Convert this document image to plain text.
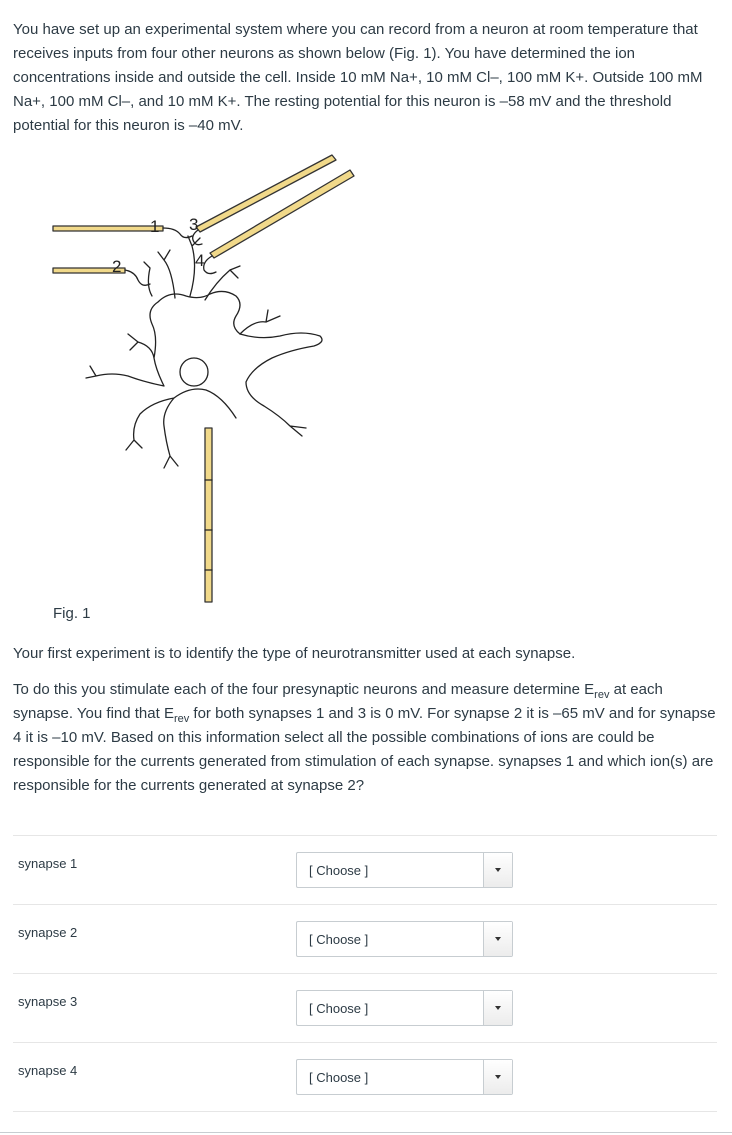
You have set up an experimental system where you can record from a neuron at room temperature that receives inputs from four other neurons as shown below (Fig. 1). You have determined the ion concentrations inside and outside the cell. Inside 10 mM Na+, 10 mM Cl–, 100 mM K+. Outside 100 mM Na+, 100 mM Cl–, and 10 mM K+. The resting potential for this neuron is –58 mV and the threshold potential for this neuron is –40 mV.

1
2
3
4

Fig. 1

Your first experiment is to identify the type of neurotransmitter used at each synapse.

To do this you stimulate each of the four presynaptic neurons and measure determine $E_{rev}$ at each synapse. You find that $E_{rev}$ for both synapses 1 and 3 is 0 mV. For synapse 2 it is –65 mV and for synapse 4 it is –10 mV. Based on this information select all the possible combinations of ions are could be responsible for the currents generated from stimulation of each synapse. synapses 1 and which ion(s) are responsible for the currents generated at synapse 2?

synapse 1	[ Choose ]
synapse 2	[ Choose ]
synapse 3	[ Choose ]
synapse 4	[ Choose ]
